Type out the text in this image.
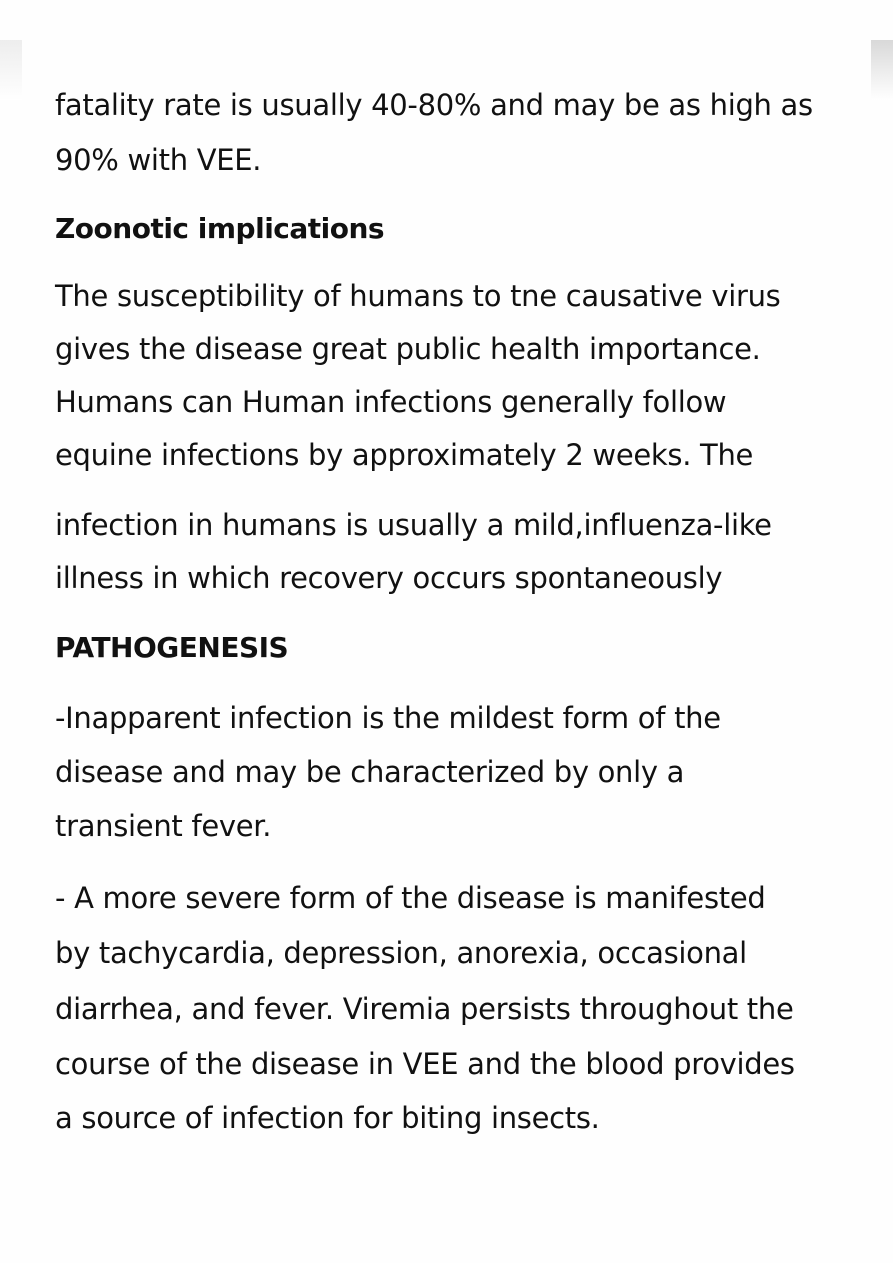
fatality rate is usually 40-80% and may be as high as

90% with VEE.

Zoonotic implications

The susceptibility of humans to tne causative virus

gives the disease great public health importance.

Humans can Human infections generally follow

equine infections by approximately 2 weeks. The

infection in humans is usually a mild,influenza-like

illness in which recovery occurs spontaneously

PATHOGENESIS

-Inapparent infection is the mildest form of the

disease and may be characterized by only a

transient fever.

- A more severe form of the disease is manifested

by tachycardia, depression, anorexia, occasional

diarrhea, and fever. Viremia persists throughout the

course of the disease in VEE and the blood provides

a source of infection for biting insects.
